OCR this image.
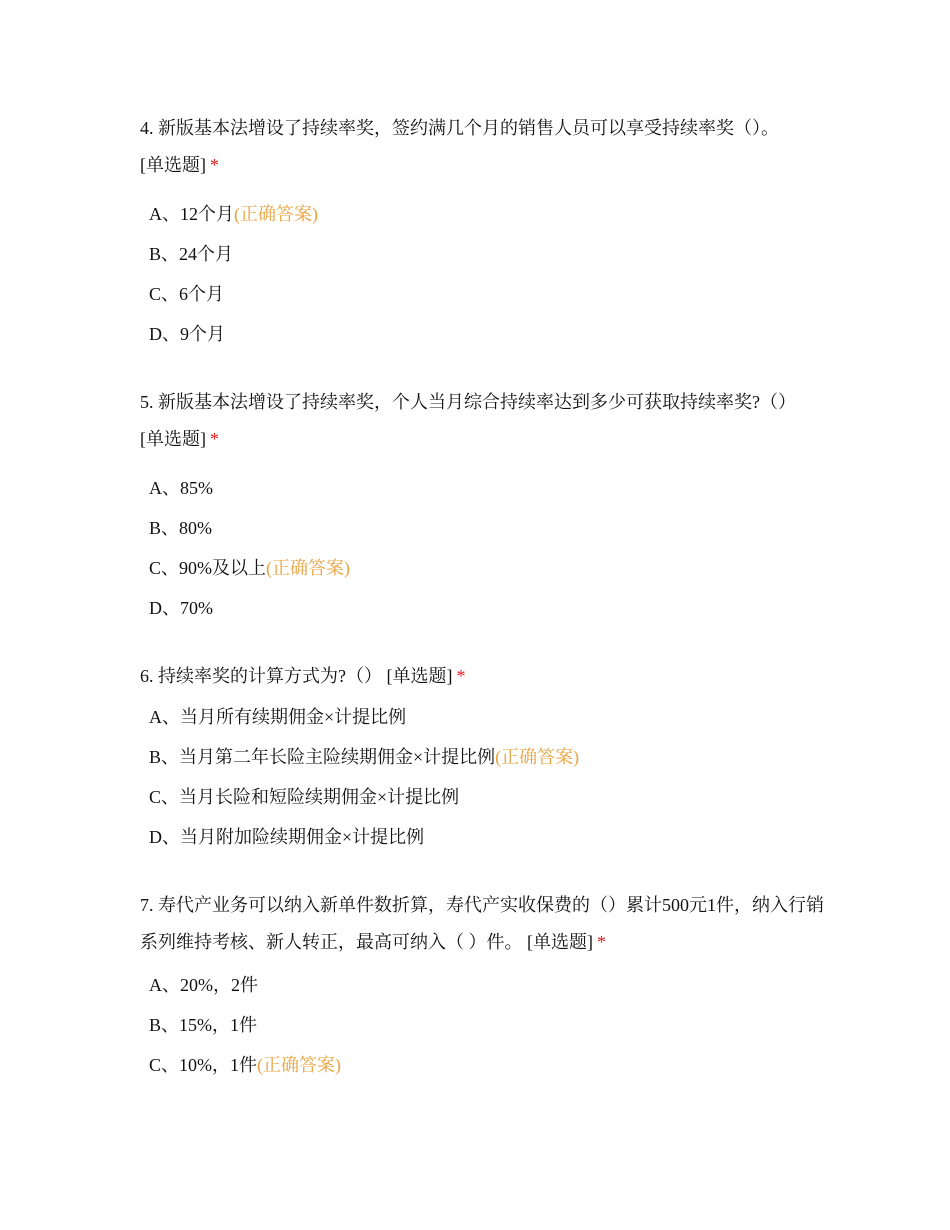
4. 新版基本法增设了持续率奖，签约满几个月的销售人员可以享受持续率奖（）。
[单选题] *

A、12个月(正确答案)
B、24个月
C、6个月
D、9个月

5. 新版基本法增设了持续率奖，个人当月综合持续率达到多少可获取持续率奖?（） [单选题] *

A、85%
B、80%
C、90%及以上(正确答案)
D、70%

6. 持续率奖的计算方式为?（） [单选题] *

A、当月所有续期佣金×计提比例
B、当月第二年长险主险续期佣金×计提比例(正确答案)
C、当月长险和短险续期佣金×计提比例
D、当月附加险续期佣金×计提比例

7. 寿代产业务可以纳入新单件数折算，寿代产实收保费的（）累计500元1件，纳入行销系列维持考核、新人转正，最高可纳入（ ）件。 [单选题] *

A、20%，2件
B、15%，1件
C、10%，1件(正确答案)
